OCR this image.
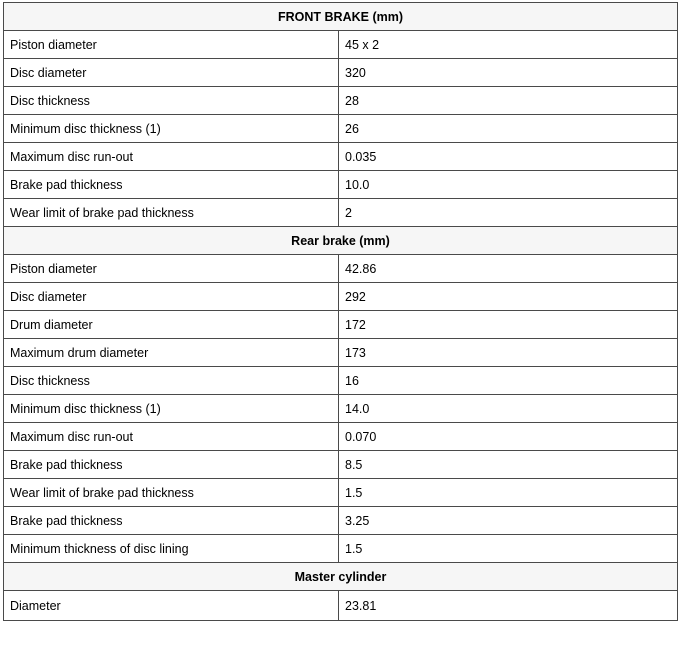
FRONT BRAKE (mm)	
Piston diameter	45 x 2
Disc diameter	320
Disc thickness	28
Minimum disc thickness (1)	26
Maximum disc run-out	0.035
Brake pad thickness	10.0
Wear limit of brake pad thickness	2
Rear brake (mm)	
Piston diameter	42.86
Disc diameter	292
Drum diameter	172
Maximum drum diameter	173
Disc thickness	16
Minimum disc thickness (1)	14.0
Maximum disc run-out	0.070
Brake pad thickness	8.5
Wear limit of brake pad thickness	1.5
Brake pad thickness	3.25
Minimum thickness of disc lining	1.5
Master cylinder	
Diameter	23.81
